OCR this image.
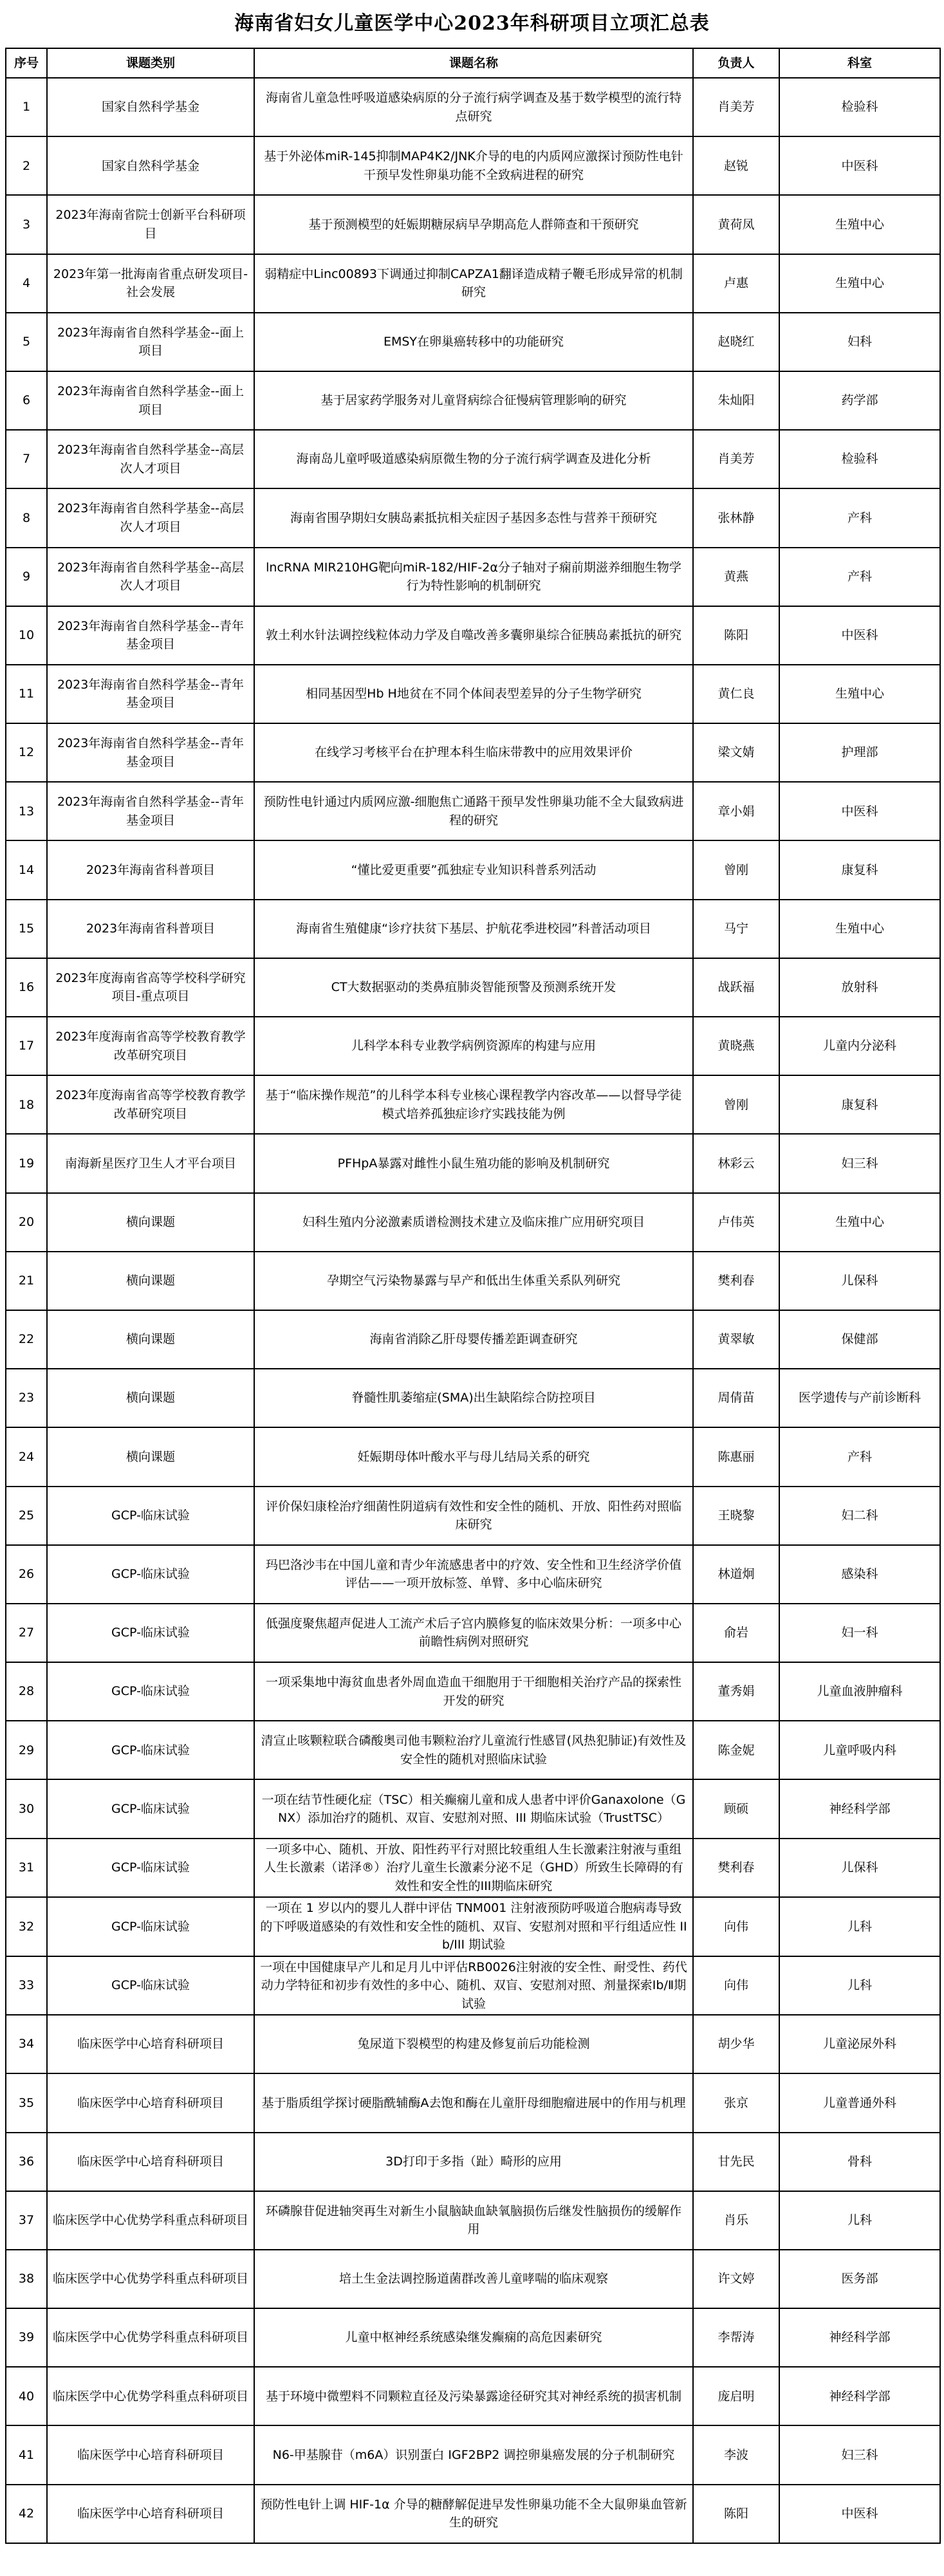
海南省妇女儿童医学中心2023年科研项目立项汇总表
序号	课题类别	课题名称	负责人	科室
1	国家自然科学基金	海南省儿童急性呼吸道感染病原的分子流行病学调查及基于数学模型的流行特点研究	肖美芳	检验科
2	国家自然科学基金	基于外泌体miR-145抑制MAP4K2/JNK介导的电的内质网应激探讨预防性电针干预早发性卵巢功能不全致病进程的研究	赵锐	中医科
3	2023年海南省院士创新平台科研项目	基于预测模型的妊娠期糖尿病早孕期高危人群筛查和干预研究	黄荷凤	生殖中心
4	2023年第一批海南省重点研发项目-社会发展	弱精症中Linc00893下调通过抑制CAPZA1翻译造成精子鞭毛形成异常的机制研究	卢惠	生殖中心
5	2023年海南省自然科学基金--面上项目	EMSY在卵巢癌转移中的功能研究	赵晓红	妇科
6	2023年海南省自然科学基金--面上项目	基于居家药学服务对儿童肾病综合征慢病管理影响的研究	朱灿阳	药学部
7	2023年海南省自然科学基金--高层次人才项目	海南岛儿童呼吸道感染病原微生物的分子流行病学调查及进化分析	肖美芳	检验科
8	2023年海南省自然科学基金--高层次人才项目	海南省围孕期妇女胰岛素抵抗相关症因子基因多态性与营养干预研究	张林静	产科
9	2023年海南省自然科学基金--高层次人才项目	lncRNA MIR210HG靶向miR-182/HIF-2α分子轴对子痫前期滋养细胞生物学行为特性影响的机制研究	黄燕	产科
10	2023年海南省自然科学基金--青年基金项目	敦土利水针法调控线粒体动力学及自噬改善多囊卵巢综合征胰岛素抵抗的研究	陈阳	中医科
11	2023年海南省自然科学基金--青年基金项目	相同基因型Hb H地贫在不同个体间表型差异的分子生物学研究	黄仁良	生殖中心
12	2023年海南省自然科学基金--青年基金项目	在线学习考核平台在护理本科生临床带教中的应用效果评价	梁文婧	护理部
13	2023年海南省自然科学基金--青年基金项目	预防性电针通过内质网应激-细胞焦亡通路干预早发性卵巢功能不全大鼠致病进程的研究	章小娟	中医科
14	2023年海南省科普项目	“懂比爱更重要”孤独症专业知识科普系列活动	曾刚	康复科
15	2023年海南省科普项目	海南省生殖健康“诊疗扶贫下基层、护航花季进校园”科普活动项目	马宁	生殖中心
16	2023年度海南省高等学校科学研究项目-重点项目	CT大数据驱动的类鼻疽肺炎智能预警及预测系统开发	战跃福	放射科
17	2023年度海南省高等学校教育教学改革研究项目	儿科学本科专业教学病例资源库的构建与应用	黄晓燕	儿童内分泌科
18	2023年度海南省高等学校教育教学改革研究项目	基于“临床操作规范”的儿科学本科专业核心课程教学内容改革——以督导学徒模式培养孤独症诊疗实践技能为例	曾刚	康复科
19	南海新星医疗卫生人才平台项目	PFHpA暴露对雌性小鼠生殖功能的影响及机制研究	林彩云	妇三科
20	横向课题	妇科生殖内分泌激素质谱检测技术建立及临床推广应用研究项目	卢伟英	生殖中心
21	横向课题	孕期空气污染物暴露与早产和低出生体重关系队列研究	樊利春	儿保科
22	横向课题	海南省消除乙肝母婴传播差距调查研究	黄翠敏	保健部
23	横向课题	脊髓性肌萎缩症(SMA)出生缺陷综合防控项目	周倩苗	医学遗传与产前诊断科
24	横向课题	妊娠期母体叶酸水平与母儿结局关系的研究	陈惠丽	产科
25	GCP-临床试验	评价保妇康栓治疗细菌性阴道病有效性和安全性的随机、开放、阳性药对照临床研究	王晓黎	妇二科
26	GCP-临床试验	玛巴洛沙韦在中国儿童和青少年流感患者中的疗效、安全性和卫生经济学价值评估——一项开放标签、单臂、多中心临床研究	林道炯	感染科
27	GCP-临床试验	低强度聚焦超声促进人工流产术后子宫内膜修复的临床效果分析：一项多中心前瞻性病例对照研究	俞岩	妇一科
28	GCP-临床试验	一项采集地中海贫血患者外周血造血干细胞用于干细胞相关治疗产品的探索性开发的研究	董秀娟	儿童血液肿瘤科
29	GCP-临床试验	清宣止咳颗粒联合磷酸奥司他韦颗粒治疗儿童流行性感冒(风热犯肺证)有效性及安全性的随机对照临床试验	陈金妮	儿童呼吸内科
30	GCP-临床试验	一项在结节性硬化症（TSC）相关癫痫儿童和成人患者中评价Ganaxolone（GNX）添加治疗的随机、双盲、安慰剂对照、III 期临床试验（TrustTSC）	顾硕	神经科学部
31	GCP-临床试验	一项多中心、随机、开放、阳性药平行对照比较重组人生长激素注射液与重组人生长激素（诺泽®）治疗儿童生长激素分泌不足（GHD）所致生长障碍的有效性和安全性的III期临床研究	樊利春	儿保科
32	GCP-临床试验	一项在 1 岁以内的婴儿人群中评估 TNM001 注射液预防呼吸道合胞病毒导致的下呼吸道感染的有效性和安全性的随机、双盲、安慰剂对照和平行组适应性 IIb/III 期试验	向伟	儿科
33	GCP-临床试验	一项在中国健康早产儿和足月儿中评估RB0026注射液的安全性、耐受性、药代动力学特征和初步有效性的多中心、随机、双盲、安慰剂对照、剂量探索Ⅰb/Ⅱ期试验	向伟	儿科
34	临床医学中心培育科研项目	兔尿道下裂模型的构建及修复前后功能检测	胡少华	儿童泌尿外科
35	临床医学中心培育科研项目	基于脂质组学探讨硬脂酰辅酶A去饱和酶在儿童肝母细胞瘤进展中的作用与机理	张京	儿童普通外科
36	临床医学中心培育科研项目	3D打印于多指（趾）畸形的应用	甘先民	骨科
37	临床医学中心优势学科重点科研项目	环磷腺苷促进轴突再生对新生小鼠脑缺血缺氧脑损伤后继发性脑损伤的缓解作用	肖乐	儿科
38	临床医学中心优势学科重点科研项目	培土生金法调控肠道菌群改善儿童哮喘的临床观察	许文婷	医务部
39	临床医学中心优势学科重点科研项目	儿童中枢神经系统感染继发癫痫的高危因素研究	李帮涛	神经科学部
40	临床医学中心优势学科重点科研项目	基于环境中微塑料不同颗粒直径及污染暴露途径研究其对神经系统的损害机制	庞启明	神经科学部
41	临床医学中心培育科研项目	N6-甲基腺苷（m6A）识别蛋白 IGF2BP2 调控卵巢癌发展的分子机制研究	李波	妇三科
42	临床医学中心培育科研项目	预防性电针上调 HIF-1α 介导的糖酵解促进早发性卵巢功能不全大鼠卵巢血管新生的研究	陈阳	中医科
